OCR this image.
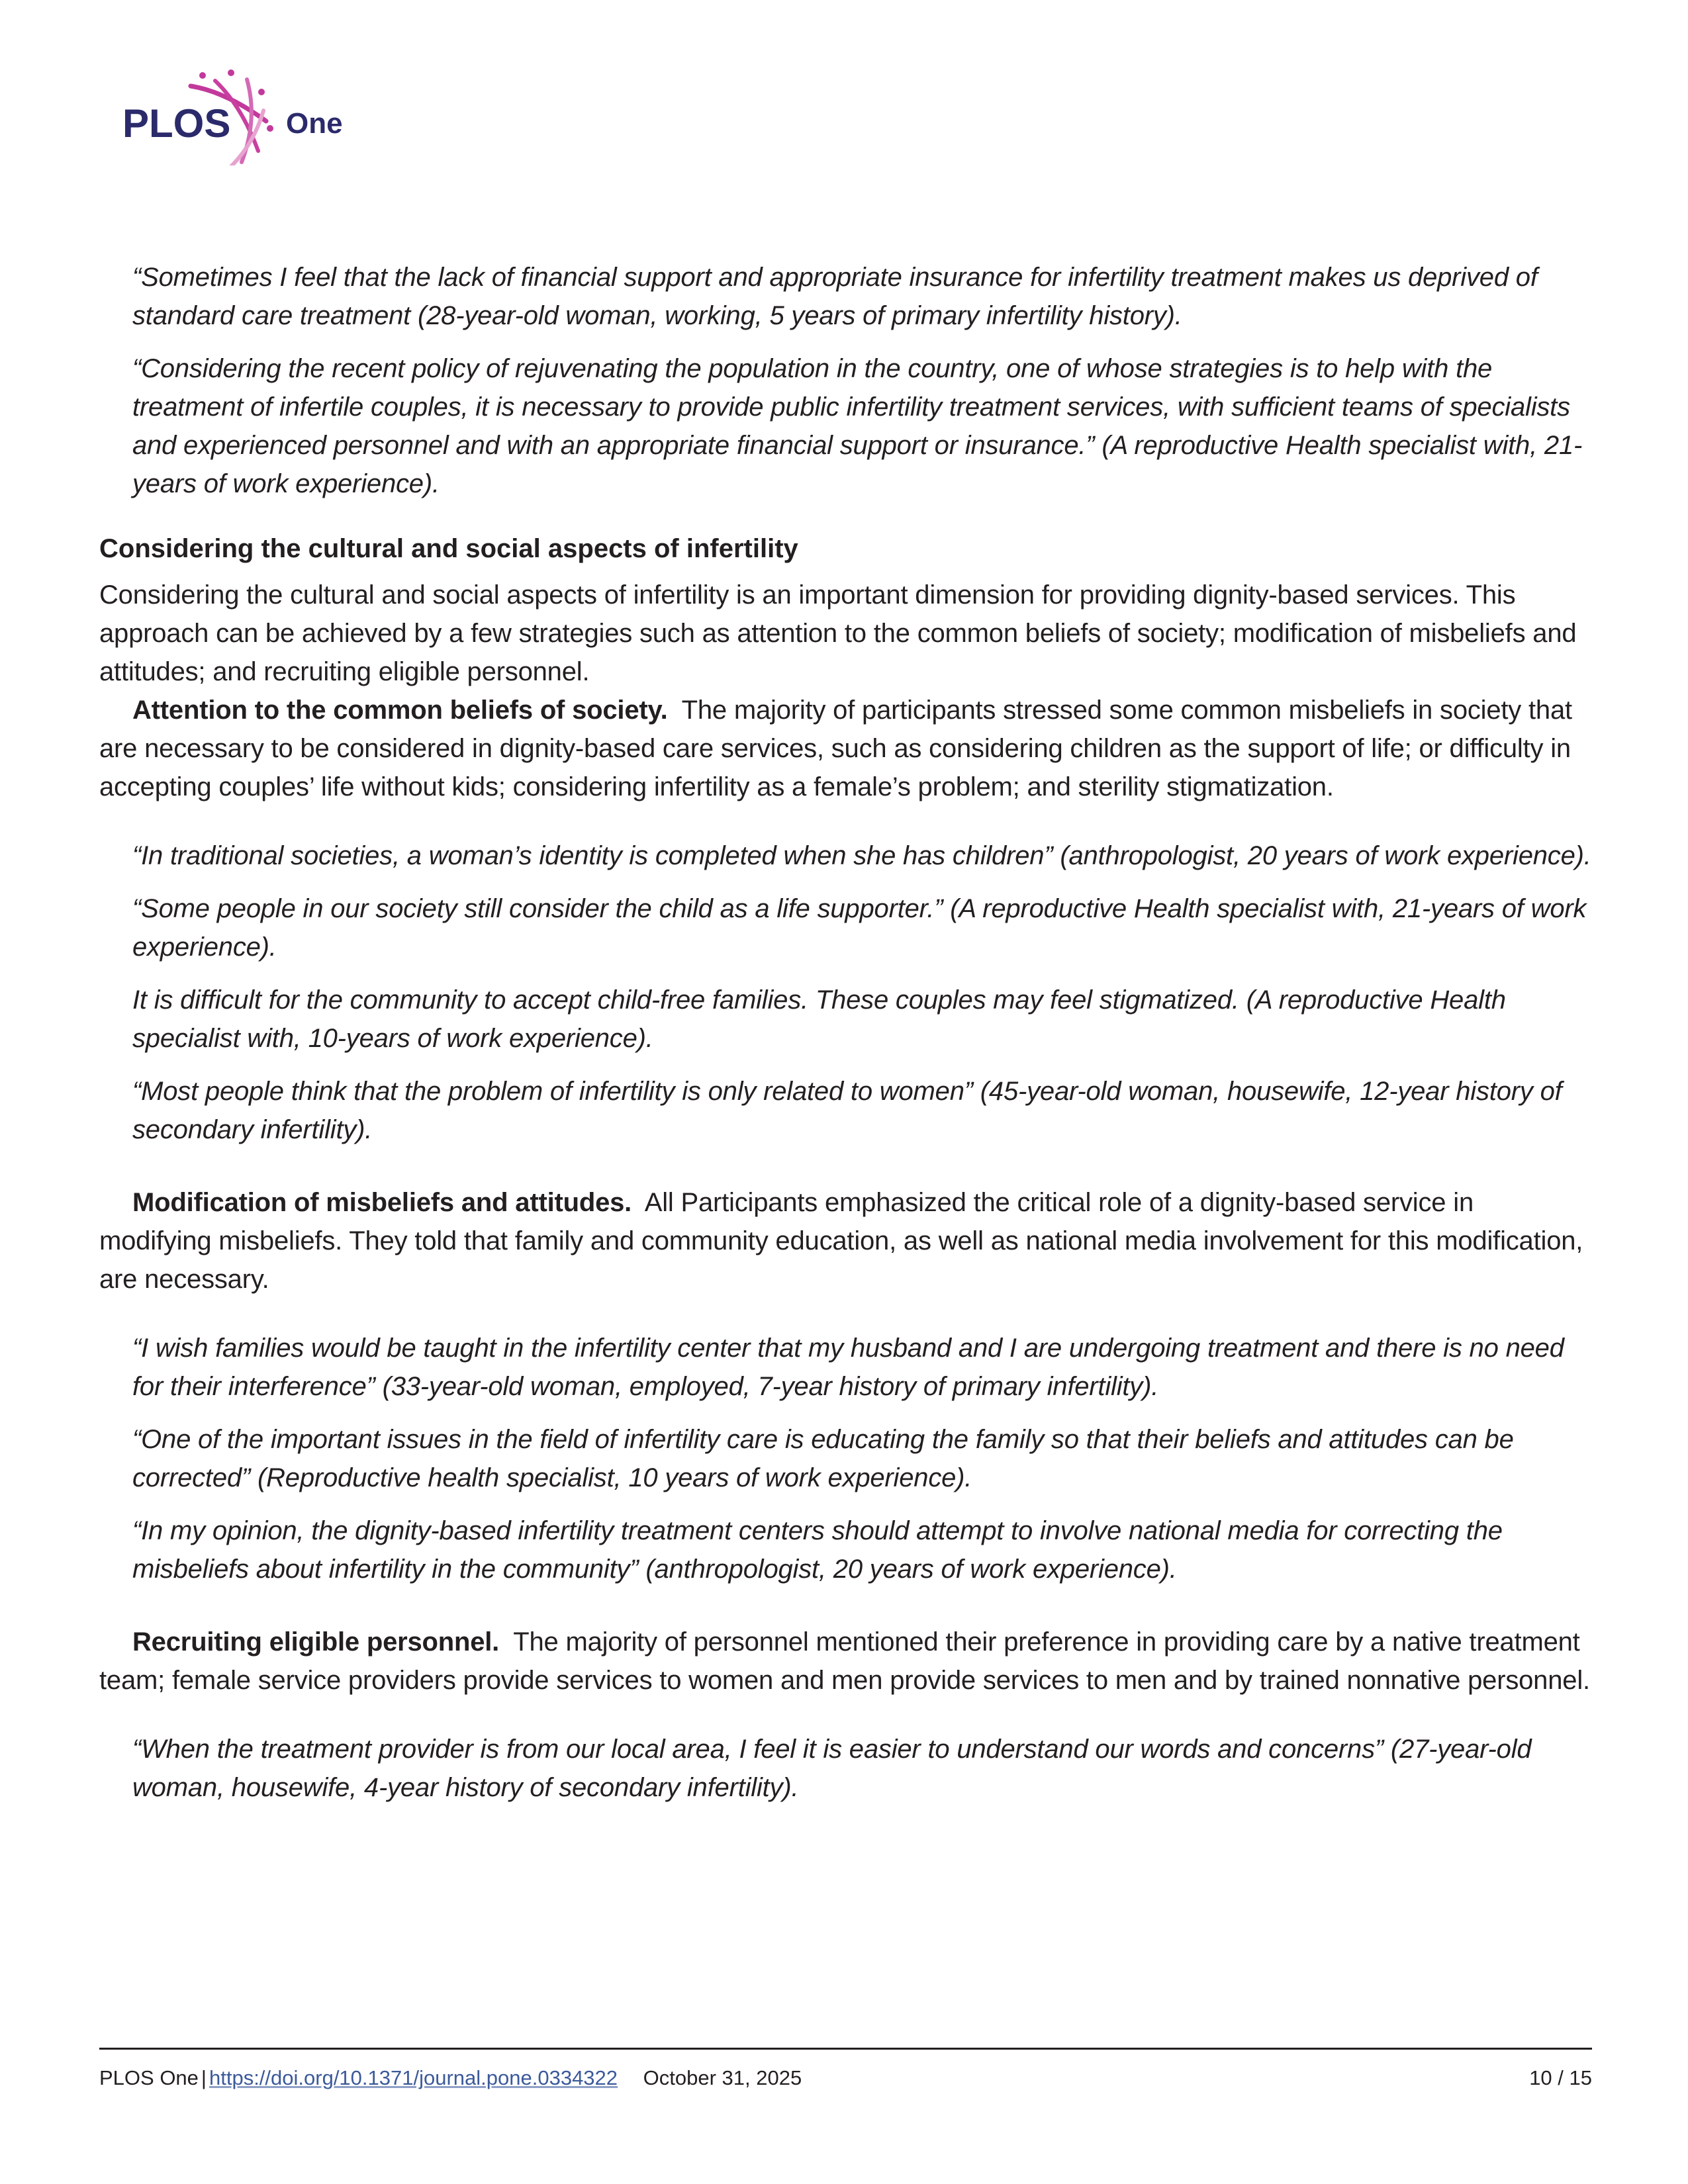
PLOS One

“Sometimes I feel that the lack of financial support and appropriate insurance for infertility treatment makes us deprived of standard care treatment (28-year-old woman, working, 5 years of primary infertility history).

“Considering the recent policy of rejuvenating the population in the country, one of whose strategies is to help with the treatment of infertile couples, it is necessary to provide public infertility treatment services, with sufficient teams of specialists and experienced personnel and with an appropriate financial support or insurance.” (A reproductive Health specialist with, 21- years of work experience).

Considering the cultural and social aspects of infertility

Considering the cultural and social aspects of infertility is an important dimension for providing dignity-based services. This approach can be achieved by a few strategies such as attention to the common beliefs of society; modification of misbeliefs and attitudes; and recruiting eligible personnel.

Attention to the common beliefs of society. The majority of participants stressed some common misbeliefs in society that are necessary to be considered in dignity-based care services, such as considering children as the support of life; or difficulty in accepting couples’ life without kids; considering infertility as a female’s problem; and sterility stigmatization.

“In traditional societies, a woman’s identity is completed when she has children” (anthropologist, 20 years of work experience).

“Some people in our society still consider the child as a life supporter.” (A reproductive Health specialist with, 21-years of work experience).

It is difficult for the community to accept child-free families. These couples may feel stigmatized. (A reproductive Health specialist with, 10-years of work experience).

“Most people think that the problem of infertility is only related to women” (45-year-old woman, housewife, 12-year history of secondary infertility).

Modification of misbeliefs and attitudes. All Participants emphasized the critical role of a dignity-based service in modifying misbeliefs. They told that family and community education, as well as national media involvement for this modification, are necessary.

“I wish families would be taught in the infertility center that my husband and I are undergoing treatment and there is no need for their interference” (33-year-old woman, employed, 7-year history of primary infertility).

“One of the important issues in the field of infertility care is educating the family so that their beliefs and attitudes can be corrected” (Reproductive health specialist, 10 years of work experience).

“In my opinion, the dignity-based infertility treatment centers should attempt to involve national media for correcting the misbeliefs about infertility in the community” (anthropologist, 20 years of work experience).

Recruiting eligible personnel. The majority of personnel mentioned their preference in providing care by a native treatment team; female service providers provide services to women and men provide services to men and by trained nonnative personnel.

“When the treatment provider is from our local area, I feel it is easier to understand our words and concerns” (27-year-old woman, housewife, 4-year history of secondary infertility).

PLOS One | https://doi.org/10.1371/journal.pone.0334322 October 31, 2025	10 / 15
